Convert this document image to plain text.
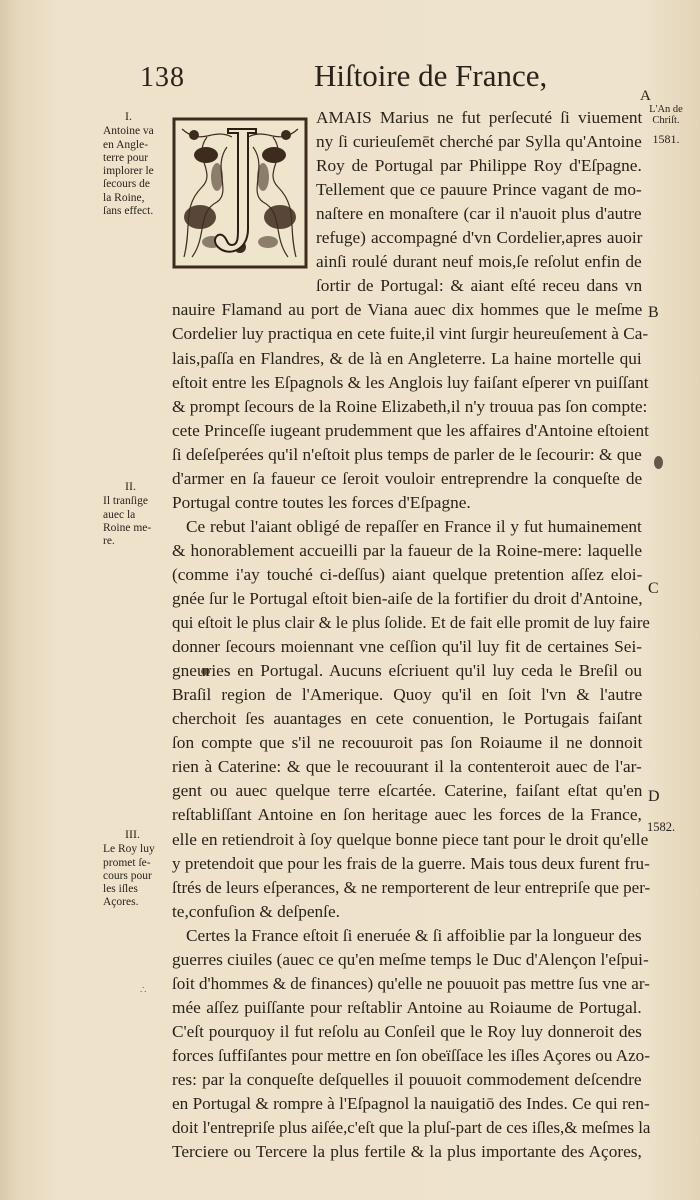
138	Hiſtoire de France,
A
L'An de
Chriſt.
1581.
I.
Antoine va
en Angle-
terre pour
implorer le
ſecours de
la Roine,
ſans effect.
II.
Il tranſige
auec la
Roine me-
re.
III.
Le Roy luy
promet ſe-
cours pour
les iſles
Açores.
B
C
D
1582.
∴
AMAIS Marius ne fut perſecuté ſi viuement
ny ſi curieuſemēt cherché par Sylla qu'Antoine
Roy de Portugal par Philippe Roy d'Eſpagne.
Tellement que ce pauure Prince vagant de mo-
naſtere en monaſtere (car il n'auoit plus d'autre
refuge) accompagné d'vn Cordelier,apres auoir
ainſi roulé durant neuf mois,ſe reſolut enfin de
ſortir de Portugal: & aiant eſté receu dans vn
nauire Flamand au port de Viana auec dix hommes que le meſme
Cordelier luy practiqua en cete fuite,il vint ſurgir heureuſement à Ca-
lais,paſſa en Flandres, & de là en Angleterre. La haine mortelle qui
eſtoit entre les Eſpagnols & les Anglois luy faiſant eſperer vn puiſſant
& prompt ſecours de la Roine Elizabeth,il n'y trouua pas ſon compte:
cete Princeſſe iugeant prudemment que les affaires d'Antoine eſtoient
ſi deſeſperées qu'il n'eſtoit plus temps de parler de le ſecourir: & que
d'armer en ſa faueur ce ſeroit vouloir entreprendre la conqueſte de
Portugal contre toutes les forces d'Eſpagne.
Ce rebut l'aiant obligé de repaſſer en France il y fut humainement
& honorablement accueilli par la faueur de la Roine-mere: laquelle
(comme i'ay touché ci-deſſus) aiant quelque pretention aſſez eloi-
gnée ſur le Portugal eſtoit bien-aiſe de la fortifier du droit d'Antoine,
qui eſtoit le plus clair & le plus ſolide. Et de fait elle promit de luy faire
donner ſecours moiennant vne ceſſion qu'il luy fit de certaines Sei-
gneuries en Portugal. Aucuns eſcriuent qu'il luy ceda le Breſil ou
Braſil region de l'Amerique. Quoy qu'il en ſoit l'vn & l'autre
cherchoit ſes auantages en cete conuention, le Portugais faiſant
ſon compte que s'il ne recouuroit pas ſon Roiaume il ne donnoit
rien à Caterine: & que le recouurant il la contenteroit auec de l'ar-
gent ou auec quelque terre eſcartée. Caterine, faiſant eſtat qu'en
reſtabliſſant Antoine en ſon heritage auec les forces de la France,
elle en retiendroit à ſoy quelque bonne piece tant pour le droit qu'elle
y pretendoit que pour les frais de la guerre. Mais tous deux furent fru-
ſtrés de leurs eſperances, & ne remporterent de leur entrepriſe que per-
te,confuſion & deſpenſe.
Certes la France eſtoit ſi eneruée & ſi affoiblie par la longueur des
guerres ciuiles (auec ce qu'en meſme temps le Duc d'Alençon l'eſpui-
ſoit d'hommes & de finances) qu'elle ne pouuoit pas mettre ſus vne ar-
mée aſſez puiſſante pour reſtablir Antoine au Roiaume de Portugal.
C'eſt pourquoy il fut reſolu au Conſeil que le Roy luy donneroit des
forces ſuffiſantes pour mettre en ſon obeïſſace les iſles Açores ou Azo-
res: par la conqueſte deſquelles il pouuoit commodement deſcendre
en Portugal & rompre à l'Eſpagnol la nauigatiō des Indes. Ce qui ren-
doit l'entrepriſe plus aiſée,c'eſt que la pluſ-part de ces iſles,& meſmes la
Terciere ou Tercere la plus fertile & la plus importante des Açores,
